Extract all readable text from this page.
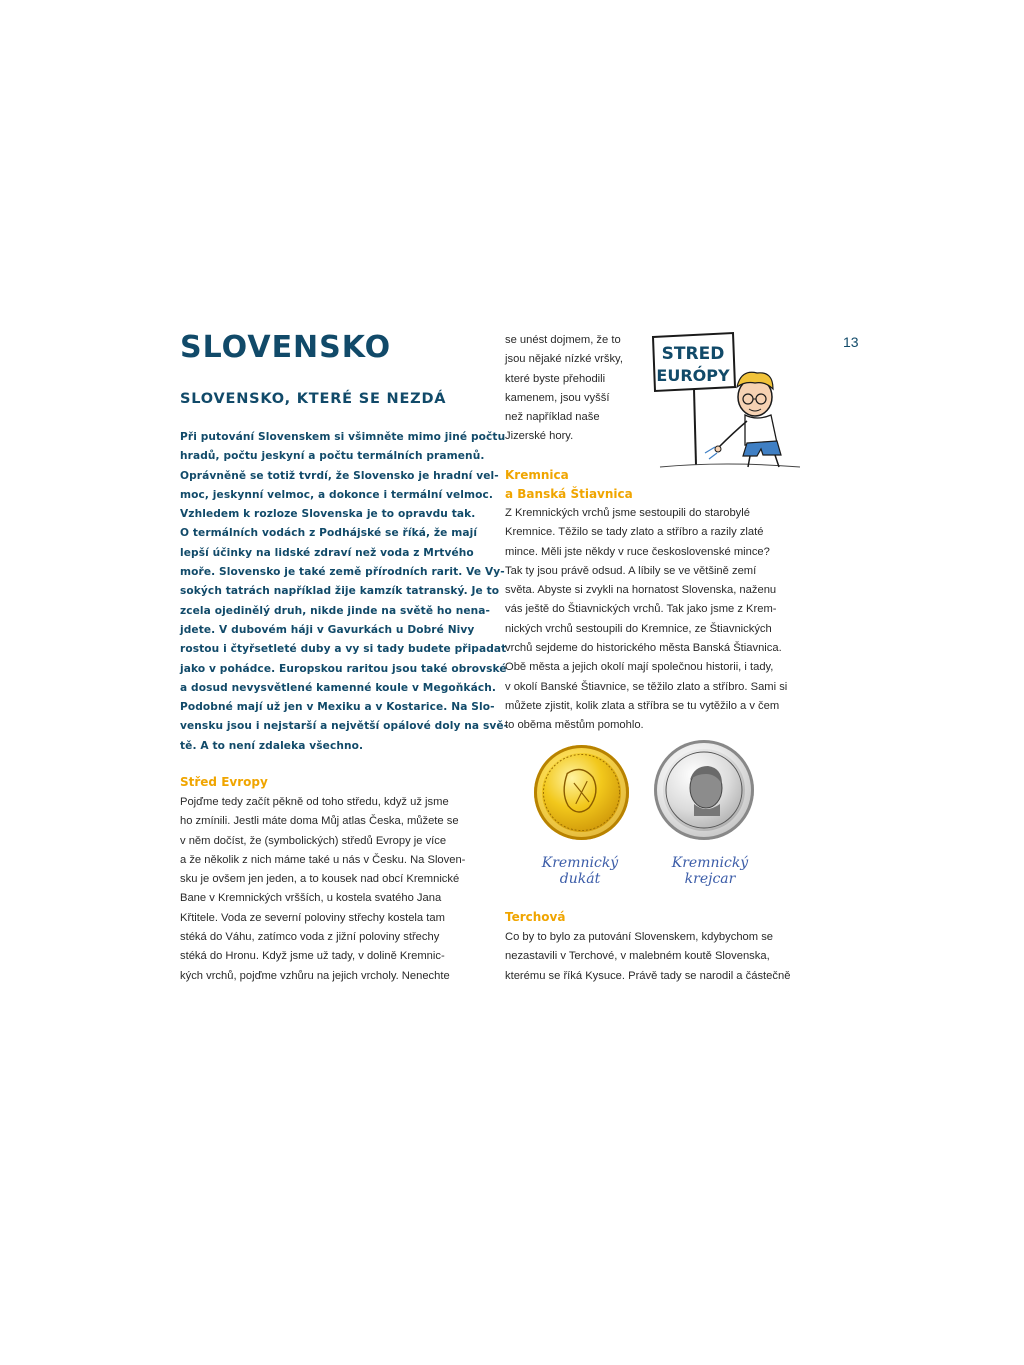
SLOVENSKO
SLOVENSKO, KTERÉ SE NEZDÁ
13
Při putování Slovenskem si všimněte mimo jiné počtu
hradů, počtu jeskyní a počtu termálních pramenů.
Oprávněně se totiž tvrdí, že Slovensko je hradní vel-
moc, jeskynní velmoc, a dokonce i termální velmoc.
Vzhledem k rozloze Slovenska je to opravdu tak.
O termálních vodách z Podhájské se říká, že mají
lepší účinky na lidské zdraví než voda z Mrtvého
moře. Slovensko je také země přírodních rarit. Ve Vy-
sokých tatrách například žije kamzík tatranský. Je to
zcela ojedinělý druh, nikde jinde na světě ho nena-
jdete. V dubovém háji v Gavurkách u Dobré Nivy
rostou i čtyřsetleté duby a vy si tady budete připadat
jako v pohádce. Europskou raritou jsou také obrovské
a dosud nevysvětlené kamenné koule v Megoňkách.
Podobné mají už jen v Mexiku a v Kostarice. Na Slo-
vensku jsou i nejstarší a největší opálové doly na svě-
tě. A to není zdaleka všechno.
Střed Evropy
Pojďme tedy začít pěkně od toho středu, když už jsme
ho zmínili. Jestli máte doma Můj atlas Česka, můžete se
v něm dočíst, že (symbolických) středů Evropy je více
a že několik z nich máme také u nás v Česku. Na Sloven-
sku je ovšem jen jeden, a to kousek nad obcí Kremnické
Bane v Kremnických vršších, u kostela svatého Jana
Křtitele. Voda ze severní poloviny střechy kostela tam
stéká do Váhu, zatímco voda z jižní poloviny střechy
stéká do Hronu. Když jsme už tady, v dolině Kremnic-
kých vrchů, pojďme vzhůru na jejich vrcholy. Nenechte
se unést dojmem, že to
jsou nějaké nízké vršky,
které byste přehodili
kamenem, jsou vyšší
než například naše
Jizerské hory.
STRED
EURÓPY
Kremnica
a Banská Štiavnica
Z Kremnických vrchů jsme sestoupili do starobylé
Kremnice. Těžilo se tady zlato a stříbro a razily zlaté
mince. Měli jste někdy v ruce československé mince?
Tak ty jsou právě odsud. A líbily se ve většině zemí
světa. Abyste si zvykli na hornatost Slovenska, naženu
vás ještě do Štiavnických vrchů. Tak jako jsme z Krem-
nických vrchů sestoupili do Kremnice, ze Štiavnických
vrchů sejdeme do historického města Banská Štiavnica.
Obě města a jejich okolí mají společnou historii, i tady,
v okolí Banské Štiavnice, se těžilo zlato a stříbro. Sami si
můžete zjistit, kolik zlata a stříbra se tu vytěžilo a v čem
to oběma městům pomohlo.
Kremnický
dukát
Kremnický
krejcar
Terchová
Co by to bylo za putování Slovenskem, kdybychom se
nezastavili v Terchové, v malebném koutě Slovenska,
kterému se říká Kysuce. Právě tady se narodil a částečně
